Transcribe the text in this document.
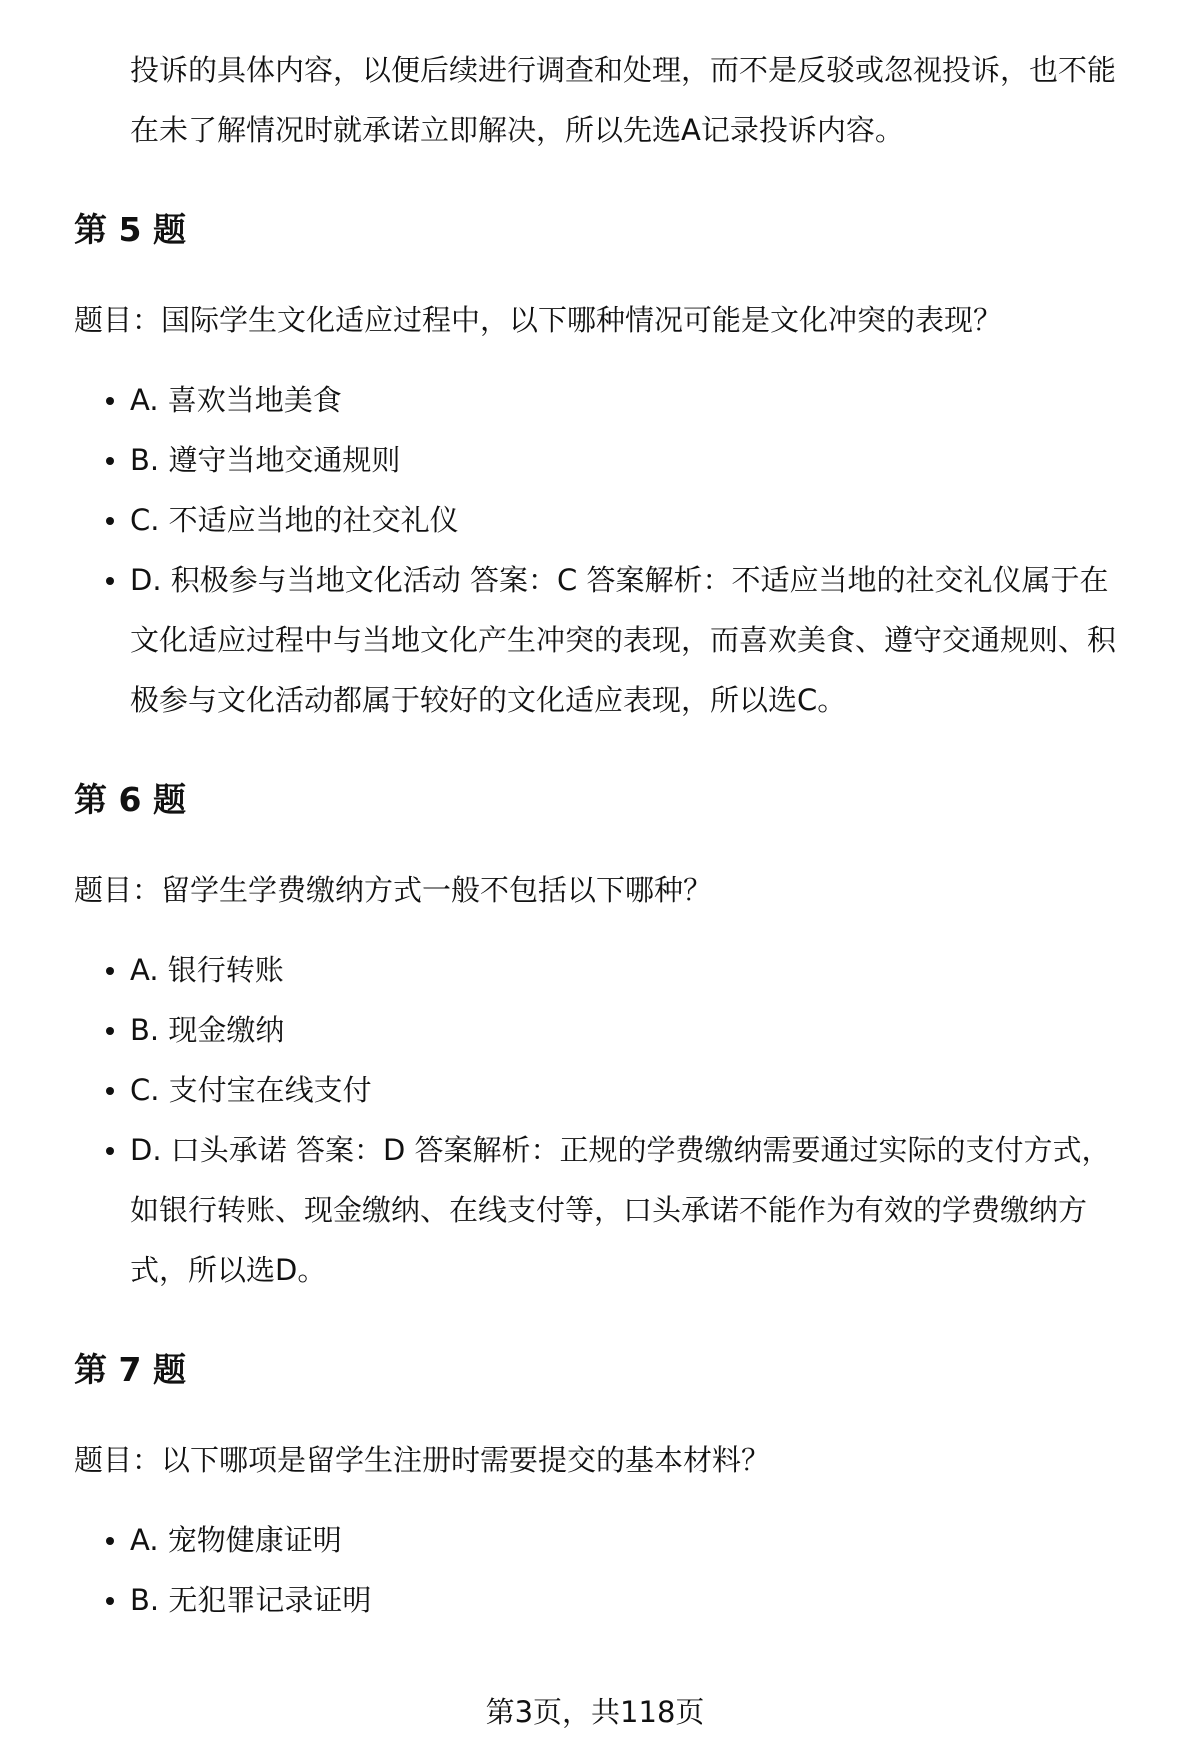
投诉的具体内容，以便后续进行调查和处理，而不是反驳或忽视投诉，也不能

在未了解情况时就承诺立即解决，所以先选A记录投诉内容。

第 5 题

题目：国际学生文化适应过程中，以下哪种情况可能是文化冲突的表现？

A. 喜欢当地美食
B. 遵守当地交通规则
C. 不适应当地的社交礼仪
D. 积极参与当地文化活动 答案：C 答案解析：不适应当地的社交礼仪属于在
文化适应过程中与当地文化产生冲突的表现，而喜欢美食、遵守交通规则、积
极参与文化活动都属于较好的文化适应表现，所以选C。
第 6 题

题目：留学生学费缴纳方式一般不包括以下哪种？

A. 银行转账
B. 现金缴纳
C. 支付宝在线支付
D. 口头承诺 答案：D 答案解析：正规的学费缴纳需要通过实际的支付方式，
如银行转账、现金缴纳、在线支付等，口头承诺不能作为有效的学费缴纳方
式，所以选D。
第 7 题

题目：以下哪项是留学生注册时需要提交的基本材料？

A. 宠物健康证明
B. 无犯罪记录证明
第3页，共118页
